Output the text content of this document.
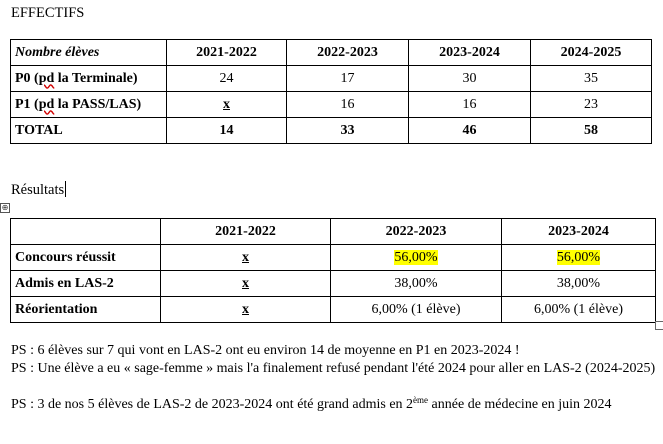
EFFECTIFS
Nombre élèves	2021-2022	2022-2023	2023-2024	2024-2025
P0 (pd la Terminale)	24	17	30	35
P1 (pd la PASS/LAS)	x	16	16	23
TOTAL	14	33	46	58
Résultats
⊕
	2021-2022	2022-2023	2023-2024
Concours réussit	x	56,00%	56,00%
Admis en LAS-2	x	38,00%	38,00%
Réorientation	x	6,00% (1 élève)	6,00% (1 élève)
PS : 6 élèves sur 7 qui vont en LAS-2 ont eu environ 14 de moyenne en P1 en 2023-2024 !
PS : Une élève a eu « sage-femme » mais l'a finalement refusé pendant l'été 2024 pour aller en LAS-2 (2024-2025)
PS : 3 de nos 5 élèves de LAS-2 de 2023-2024 ont été grand admis en 2ème année de médecine en juin 2024
